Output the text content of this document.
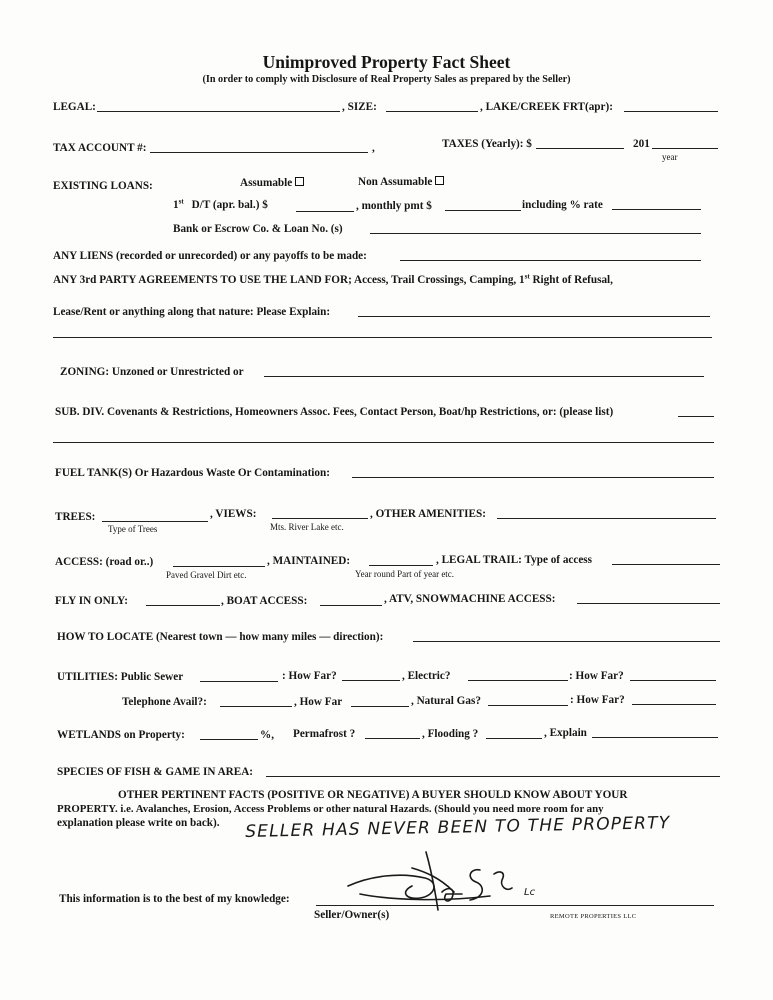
Unimproved Property Fact Sheet
(In order to comply with Disclosure of Real Property Sales as prepared by the Seller)
LEGAL:	, SIZE:	, LAKE/CREEK FRT(apr):
TAX ACCOUNT #:	,	TAXES (Yearly): $	201
year
EXISTING LOANS:	Assumable	Non Assumable
1st D/T (apr. bal.) $	, monthly pmt $	including % rate
Bank or Escrow Co. & Loan No. (s)
ANY LIENS (recorded or unrecorded) or any payoffs to be made:
ANY 3rd PARTY AGREEMENTS TO USE THE LAND FOR; Access, Trail Crossings, Camping, 1st Right of Refusal,
Lease/Rent or anything along that nature: Please Explain:
ZONING: Unzoned or Unrestricted or
SUB. DIV. Covenants & Restrictions, Homeowners Assoc. Fees, Contact Person, Boat/hp Restrictions, or: (please list)
FUEL TANK(S) Or Hazardous Waste Or Contamination:
TREES:	, VIEWS:	, OTHER AMENITIES:
Type of Trees	Mts. River Lake etc.
ACCESS: (road or..)	, MAINTAINED:	, LEGAL TRAIL: Type of access
Paved Gravel Dirt etc.	Year round Part of year etc.
FLY IN ONLY:	, BOAT ACCESS:	, ATV, SNOWMACHINE ACCESS:
HOW TO LOCATE (Nearest town — how many miles — direction):
UTILITIES: Public Sewer	: How Far?	, Electric?	: How Far?
Telephone Avail?:	, How Far	, Natural Gas?	: How Far?
WETLANDS on Property:	%, Permafrost ?	, Flooding ?	, Explain
SPECIES OF FISH & GAME IN AREA:
OTHER PERTINENT FACTS (POSITIVE OR NEGATIVE) A BUYER SHOULD KNOW ABOUT YOUR
PROPERTY. i.e. Avalanches, Erosion, Access Problems or other natural Hazards. (Should you need more room for any
explanation please write on back). SELLER HAS NEVER BEEN TO THE PROPERTY
This information is to the best of my knowledge:
Lc
Seller/Owner(s)	REMOTE PROPERTIES LLC
